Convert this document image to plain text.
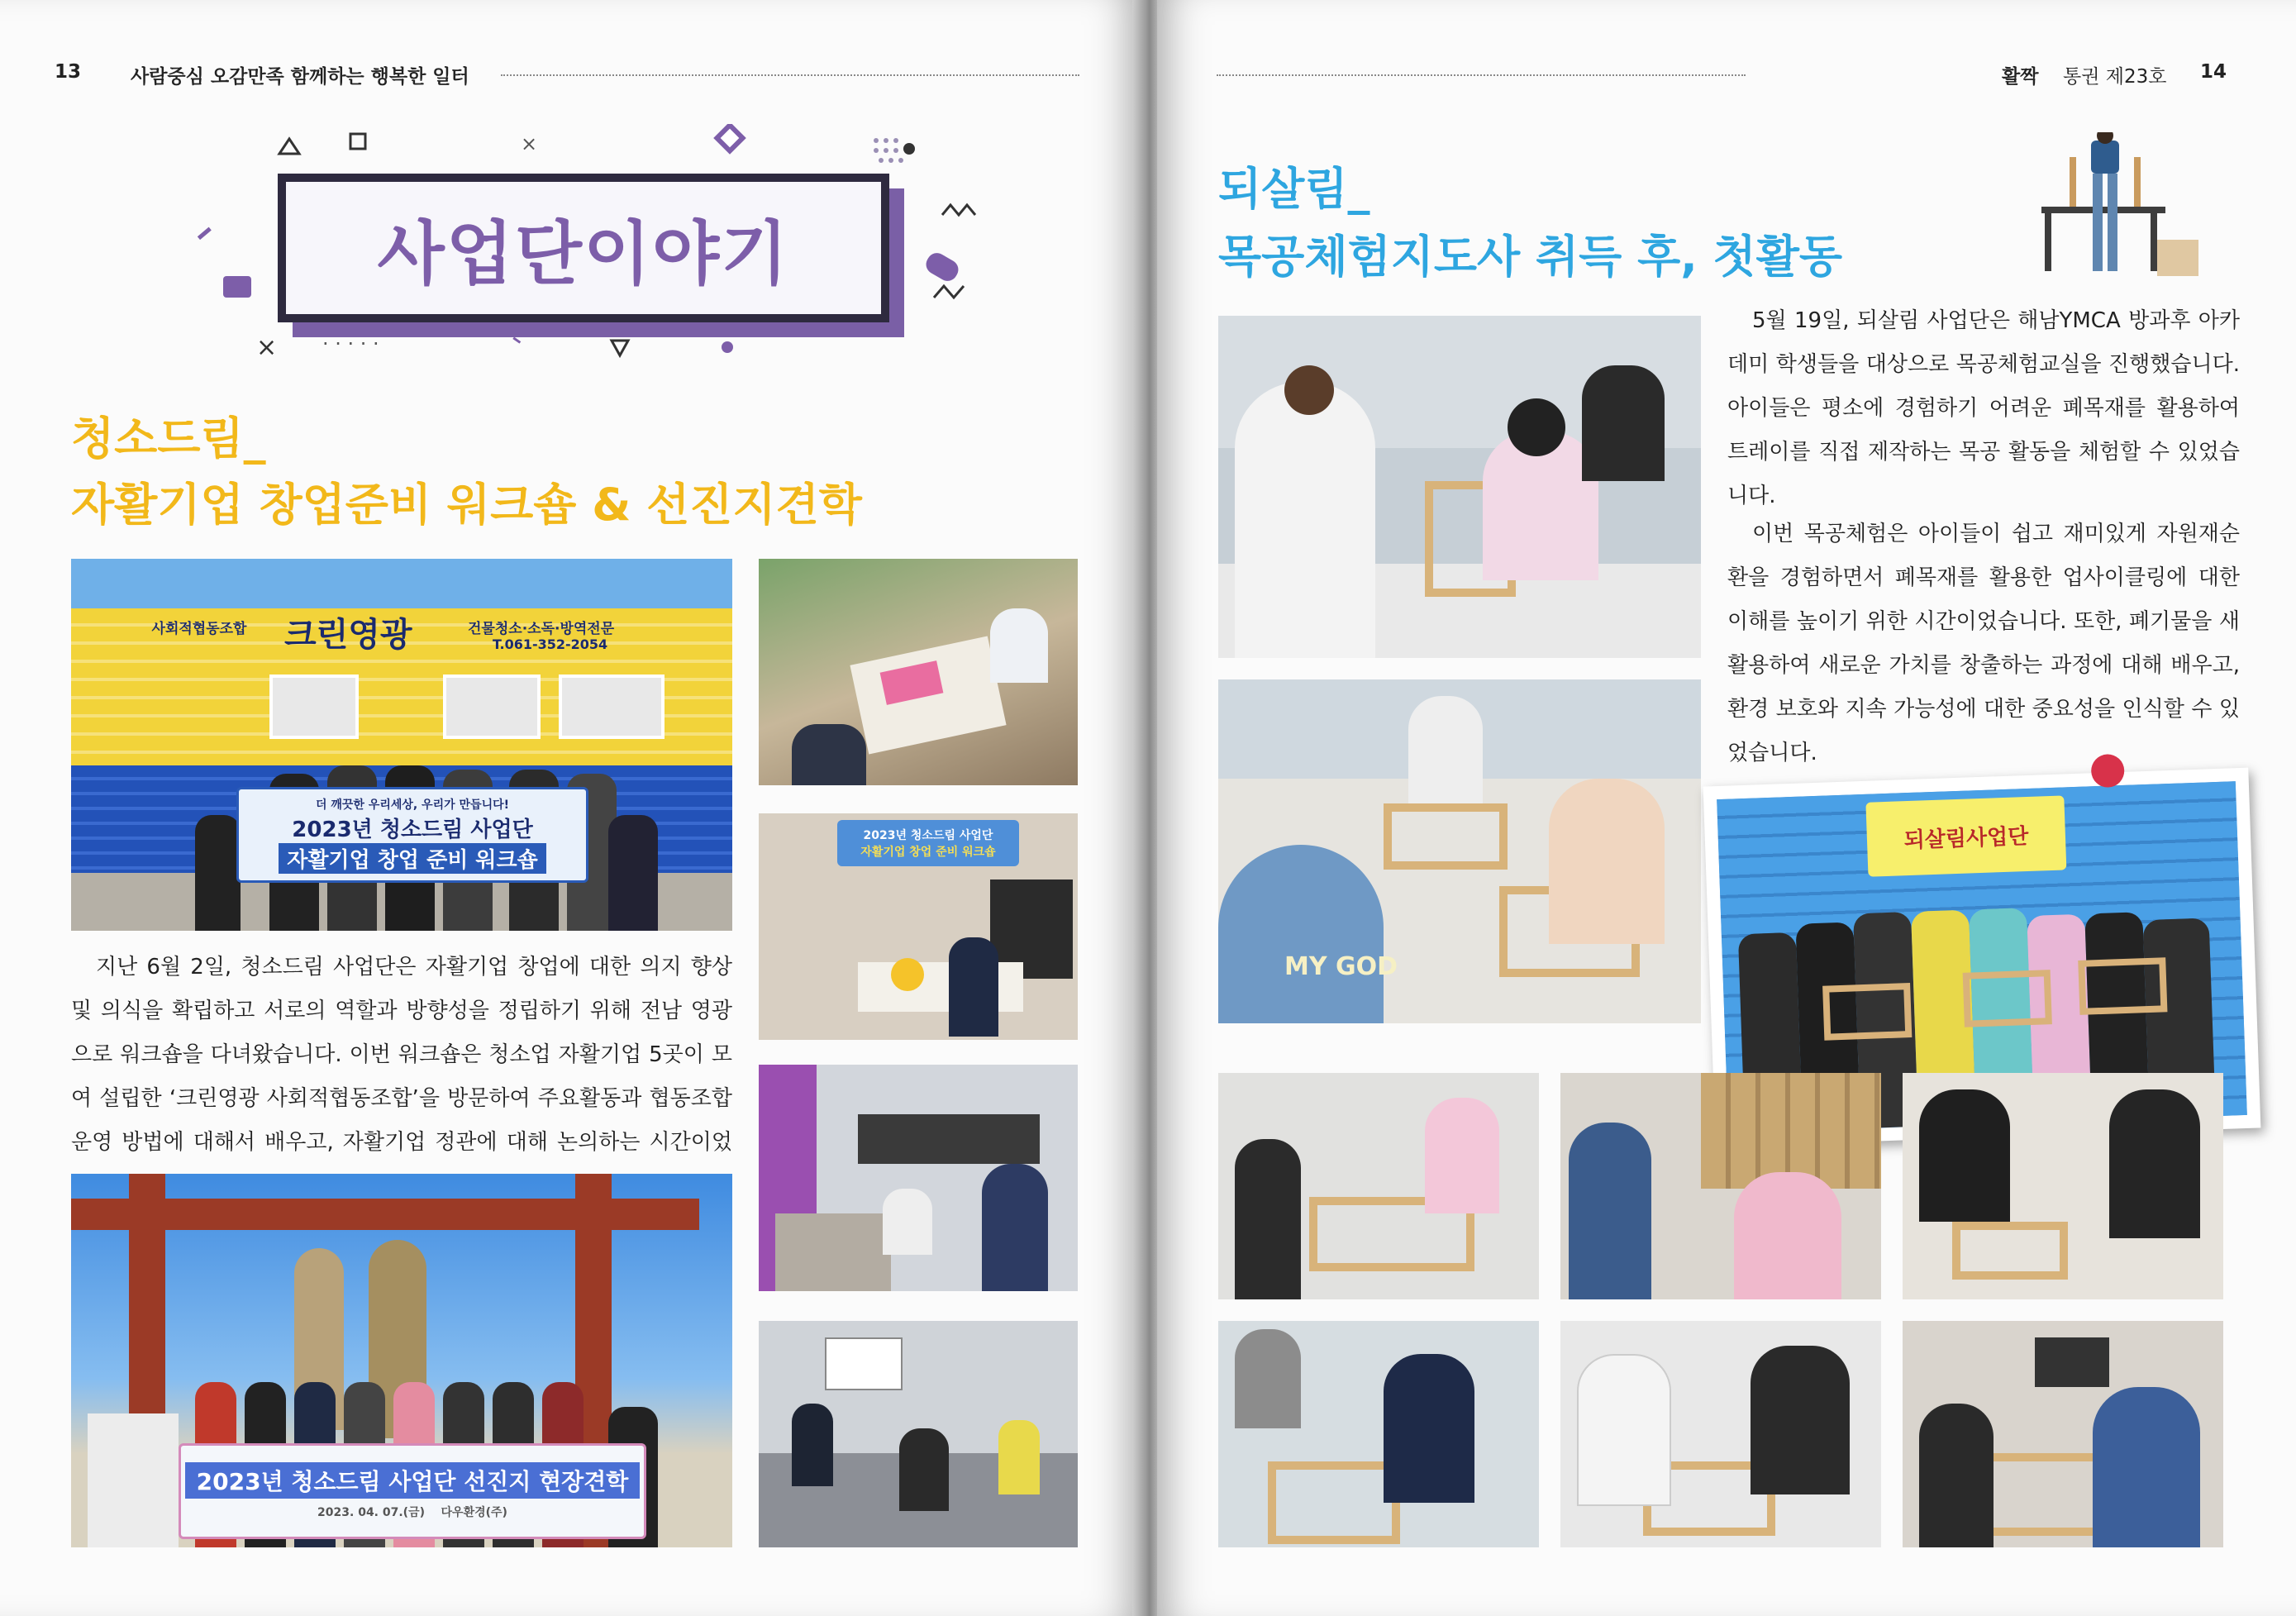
13	사람중심 오감만족 함께하는 행복한 일터
×
× · · · · ·
사업단이야기
청소드림_
자활기업 창업준비 워크숍 & 선진지견학
사회적협동조합	크린영광	건물청소·소독·방역전문
T.061-352-2054
더 깨끗한 우리세상, 우리가 만듭니다!
2023년 청소드림 사업단
자활기업 창업 준비 워크숍
2023년 청소드림 사업단
자활기업 창업 준비 워크숍

지난 6월 2일, 청소드림 사업단은 자활기업 창업에 대한 의지 향상 및 의식을 확립하고 서로의 역할과 방향성을 정립하기 위해 전남 영광으로 워크숍을 다녀왔습니다. 이번 워크숍은 청소업 자활기업 5곳이 모여 설립한 ‘크린영광 사회적협동조합’을 방문하여 주요활동과 협동조합 운영 방법에 대해서 배우고, 자활기업 정관에 대해 논의하는 시간이었

2023년 청소드림 사업단 선진지 현장견학
2023. 04. 07.(금) 다우환경(주)
활짝 통권 제23호 14
되살림_
목공체험지도사 취득 후, 첫활동
MY GOD

5월 19일, 되살림 사업단은 해남YMCA 방과후 아카데미 학생들을 대상으로 목공체험교실을 진행했습니다. 아이들은 평소에 경험하기 어려운 폐목재를 활용하여 트레이를 직접 제작하는 목공 활동을 체험할 수 있었습니다.

이번 목공체험은 아이들이 쉽고 재미있게 자원재순환을 경험하면서 폐목재를 활용한 업사이클링에 대한 이해를 높이기 위한 시간이었습니다. 또한, 폐기물을 새활용하여 새로운 가치를 창출하는 과정에 대해 배우고, 환경 보호와 지속 가능성에 대한 중요성을 인식할 수 있었습니다.

되살림사업단
